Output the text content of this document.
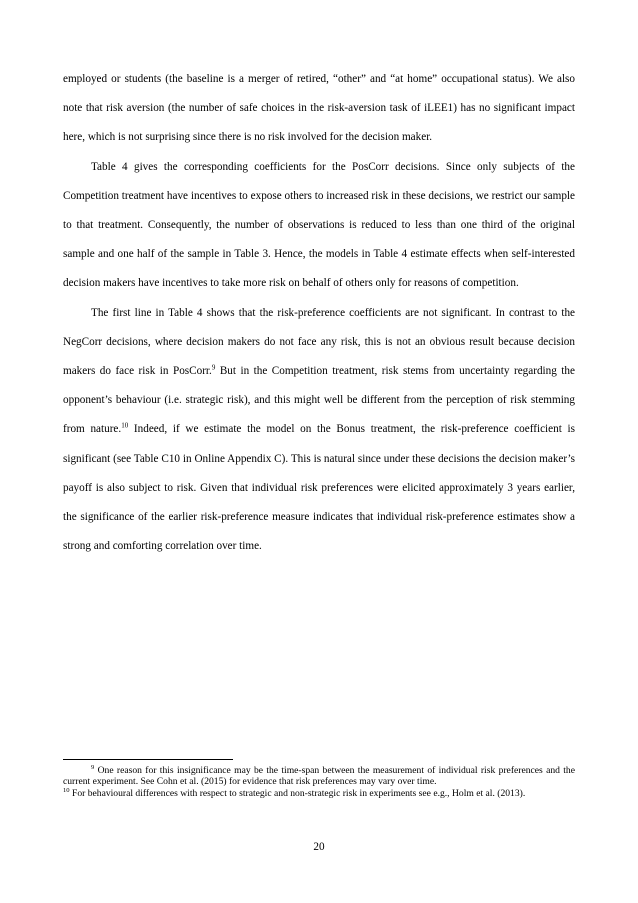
employed or students (the baseline is a merger of retired, “other” and “at home” occupational status). We also note that risk aversion (the number of safe choices in the risk-aversion task of iLEE1) has no significant impact here, which is not surprising since there is no risk involved for the decision maker.

Table 4 gives the corresponding coefficients for the PosCorr decisions. Since only subjects of the Competition treatment have incentives to expose others to increased risk in these decisions, we restrict our sample to that treatment. Consequently, the number of observations is reduced to less than one third of the original sample and one half of the sample in Table 3. Hence, the models in Table 4 estimate effects when self-interested decision makers have incentives to take more risk on behalf of others only for reasons of competition.

The first line in Table 4 shows that the risk-preference coefficients are not significant. In contrast to the NegCorr decisions, where decision makers do not face any risk, this is not an obvious result because decision makers do face risk in PosCorr.$^9$ But in the Competition treatment, risk stems from uncertainty regarding the opponent’s behaviour (i.e. strategic risk), and this might well be different from the perception of risk stemming from nature.$^{10}$ Indeed, if we estimate the model on the Bonus treatment, the risk-preference coefficient is significant (see Table C10 in Online Appendix C). This is natural since under these decisions the decision maker’s payoff is also subject to risk. Given that individual risk preferences were elicited approximately 3 years earlier, the significance of the earlier risk-preference measure indicates that individual risk-preference estimates show a strong and comforting correlation over time.

$^9$ One reason for this insignificance may be the time-span between the measurement of individual risk preferences and the current experiment. See Cohn et al. (2015) for evidence that risk preferences may vary over time.

$^{10}$ For behavioural differences with respect to strategic and non-strategic risk in experiments see e.g., Holm et al. (2013).

20
